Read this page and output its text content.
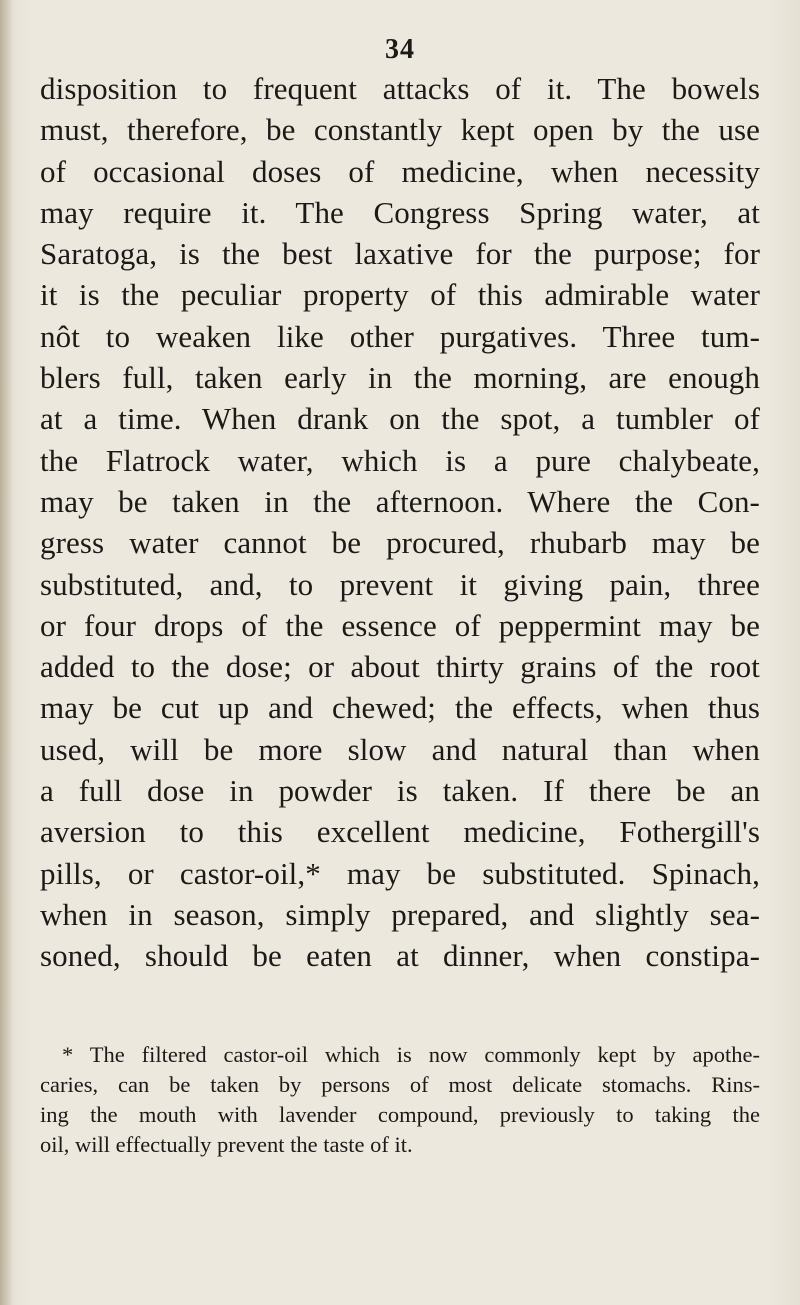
34
disposition to frequent attacks of it. The bowels
must, therefore, be constantly kept open by the use
of occasional doses of medicine, when necessity
may require it. The Congress Spring water, at
Saratoga, is the best laxative for the purpose; for
it is the peculiar property of this admirable water
nôt to weaken like other purgatives. Three tum-
blers full, taken early in the morning, are enough
at a time. When drank on the spot, a tumbler of
the Flatrock water, which is a pure chalybeate,
may be taken in the afternoon. Where the Con-
gress water cannot be procured, rhubarb may be
substituted, and, to prevent it giving pain, three
or four drops of the essence of peppermint may be
added to the dose; or about thirty grains of the root
may be cut up and chewed; the effects, when thus
used, will be more slow and natural than when
a full dose in powder is taken. If there be an
aversion to this excellent medicine, Fothergill's
pills, or castor-oil,* may be substituted. Spinach,
when in season, simply prepared, and slightly sea-
soned, should be eaten at dinner, when constipa-
* The filtered castor-oil which is now commonly kept by apothe-
caries, can be taken by persons of most delicate stomachs. Rins-
ing the mouth with lavender compound, previously to taking the
oil, will effectually prevent the taste of it.
